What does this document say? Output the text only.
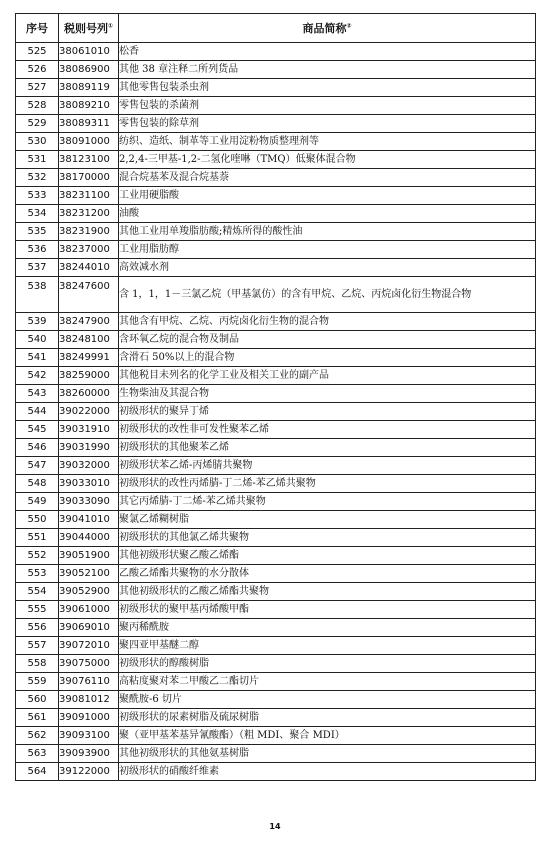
序号	税则号列①	商品简称②
525	38061010	松香
526	38086900	其他 38 章注释二所列货品
527	38089119	其他零售包装杀虫剂
528	38089210	零售包装的杀菌剂
529	38089311	零售包装的除草剂
530	38091000	纺织、造纸、制革等工业用淀粉物质整理剂等
531	38123100	2,2,4-三甲基-1,2-二氢化喹啉（TMQ）低聚体混合物
532	38170000	混合烷基苯及混合烷基萘
533	38231100	工业用硬脂酸
534	38231200	油酸
535	38231900	其他工业用单羧脂肪酸;精炼所得的酸性油
536	38237000	工业用脂肪醇
537	38244010	高效减水剂
538	38247600	含 1，1，1－三氯乙烷（甲基氯仿）的含有甲烷、乙烷、丙烷卤化衍生物混合物
539	38247900	其他含有甲烷、乙烷、丙烷卤化衍生物的混合物
540	38248100	含环氧乙烷的混合物及制品
541	38249991	含滑石 50%以上的混合物
542	38259000	其他税目未列名的化学工业及相关工业的副产品
543	38260000	生物柴油及其混合物
544	39022000	初级形状的聚异丁烯
545	39031910	初级形状的改性非可发性聚苯乙烯
546	39031990	初级形状的其他聚苯乙烯
547	39032000	初级形状苯乙烯-丙烯腈共聚物
548	39033010	初级形状的改性丙烯腈-丁二烯-苯乙烯共聚物
549	39033090	其它丙烯腈-丁二烯-苯乙烯共聚物
550	39041010	聚氯乙烯糊树脂
551	39044000	初级形状的其他氯乙烯共聚物
552	39051900	其他初级形状聚乙酸乙烯酯
553	39052100	乙酸乙烯酯共聚物的水分散体
554	39052900	其他初级形状的乙酸乙烯酯共聚物
555	39061000	初级形状的聚甲基丙烯酸甲酯
556	39069010	聚丙稀酰胺
557	39072010	聚四亚甲基醚二醇
558	39075000	初级形状的醇酸树脂
559	39076110	高粘度聚对苯二甲酸乙二酯切片
560	39081012	聚酰胺-6 切片
561	39091000	初级形状的尿素树脂及硫尿树脂
562	39093100	聚（亚甲基苯基异氰酸酯）（粗 MDI、聚合 MDI）
563	39093900	其他初级形状的其他氨基树脂
564	39122000	初级形状的硝酸纤维素
14
